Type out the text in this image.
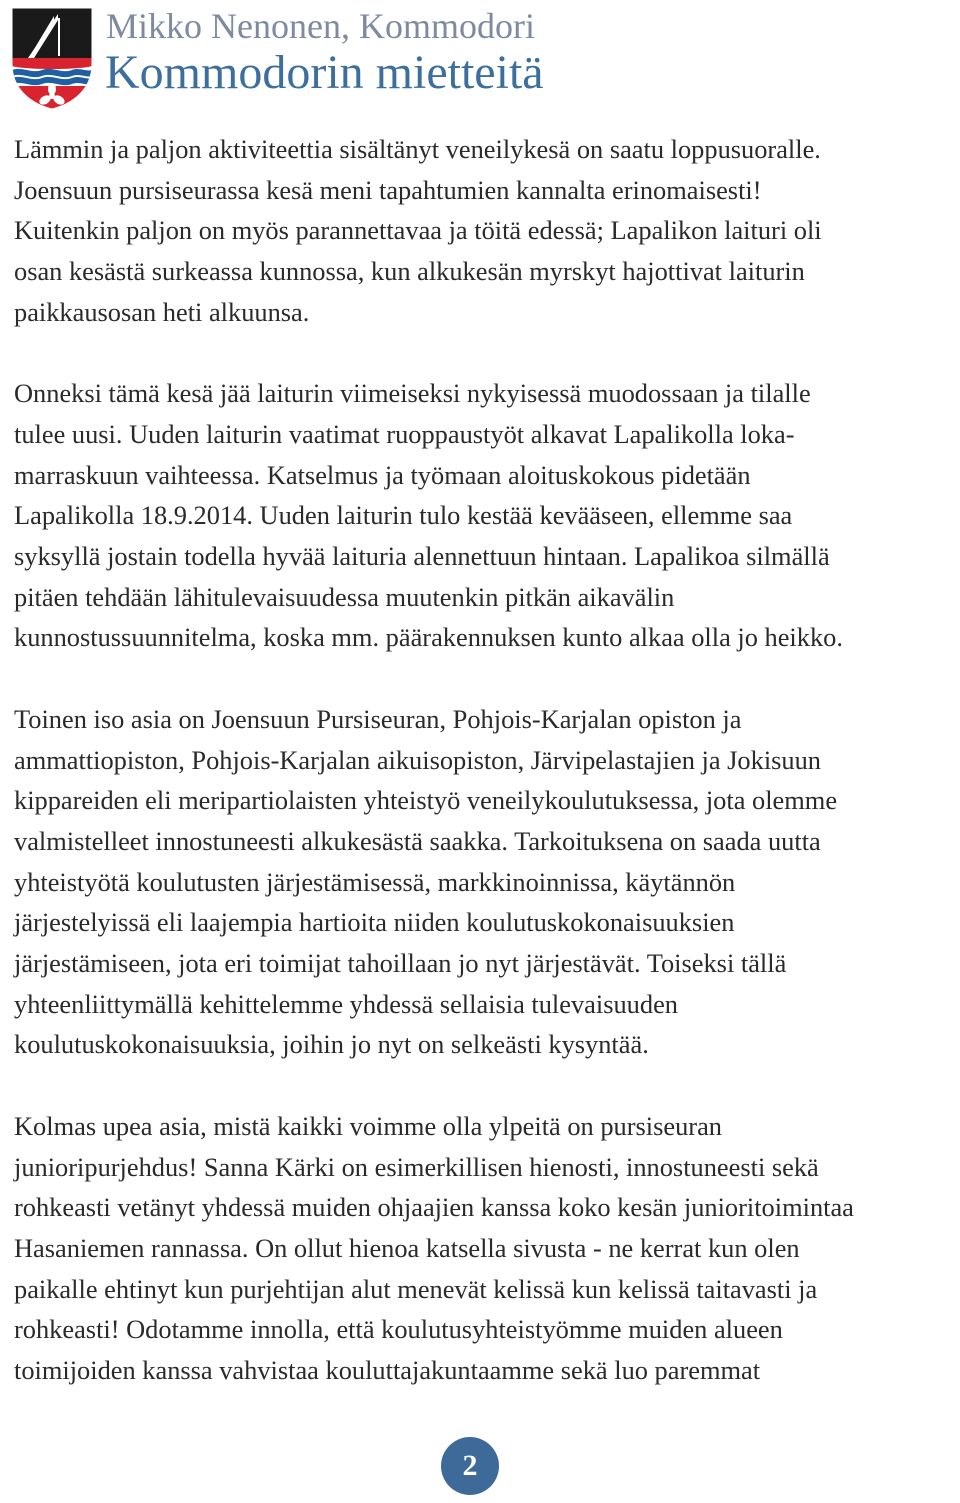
Mikko Nenonen, Kommodori
Kommodorin mietteitä

Lämmin ja paljon aktiviteettia sisältänyt veneilykesä on saatu loppusuoralle.
Joensuun pursiseurassa kesä meni tapahtumien kannalta erinomaisesti!
Kuitenkin paljon on myös parannettavaa ja töitä edessä; Lapalikon laituri oli
osan kesästä surkeassa kunnossa, kun alkukesän myrskyt hajottivat laiturin
paikkausosan heti alkuunsa.

Onneksi tämä kesä jää laiturin viimeiseksi nykyisessä muodossaan ja tilalle
tulee uusi. Uuden laiturin vaatimat ruoppaustyöt alkavat Lapalikolla loka-
marraskuun vaihteessa. Katselmus ja työmaan aloituskokous pidetään
Lapalikolla 18.9.2014. Uuden laiturin tulo kestää kevääseen, ellemme saa
syksyllä jostain todella hyvää laituria alennettuun hintaan. Lapalikoa silmällä
pitäen tehdään lähitulevaisuudessa muutenkin pitkän aikavälin
kunnostussuunnitelma, koska mm. päärakennuksen kunto alkaa olla jo heikko.

Toinen iso asia on Joensuun Pursiseuran, Pohjois-Karjalan opiston ja
ammattiopiston, Pohjois-Karjalan aikuisopiston, Järvipelastajien ja Jokisuun
kippareiden eli meripartiolaisten yhteistyö veneilykoulutuksessa, jota olemme
valmistelleet innostuneesti alkukesästä saakka. Tarkoituksena on saada uutta
yhteistyötä koulutusten järjestämisessä, markkinoinnissa, käytännön
järjestelyissä eli laajempia hartioita niiden koulutuskokonaisuuksien
järjestämiseen, jota eri toimijat tahoillaan jo nyt järjestävät. Toiseksi tällä
yhteenliittymällä kehittelemme yhdessä sellaisia tulevaisuuden
koulutuskokonaisuuksia, joihin jo nyt on selkeästi kysyntää.

Kolmas upea asia, mistä kaikki voimme olla ylpeitä on pursiseuran
junioripurjehdus! Sanna Kärki on esimerkillisen hienosti, innostuneesti sekä
rohkeasti vetänyt yhdessä muiden ohjaajien kanssa koko kesän junioritoimintaa
Hasaniemen rannassa. On ollut hienoa katsella sivusta - ne kerrat kun olen
paikalle ehtinyt kun purjehtijan alut menevät kelissä kun kelissä taitavasti ja
rohkeasti! Odotamme innolla, että koulutusyhteistyömme muiden alueen
toimijoiden kanssa vahvistaa kouluttajakuntaamme sekä luo paremmat

2
